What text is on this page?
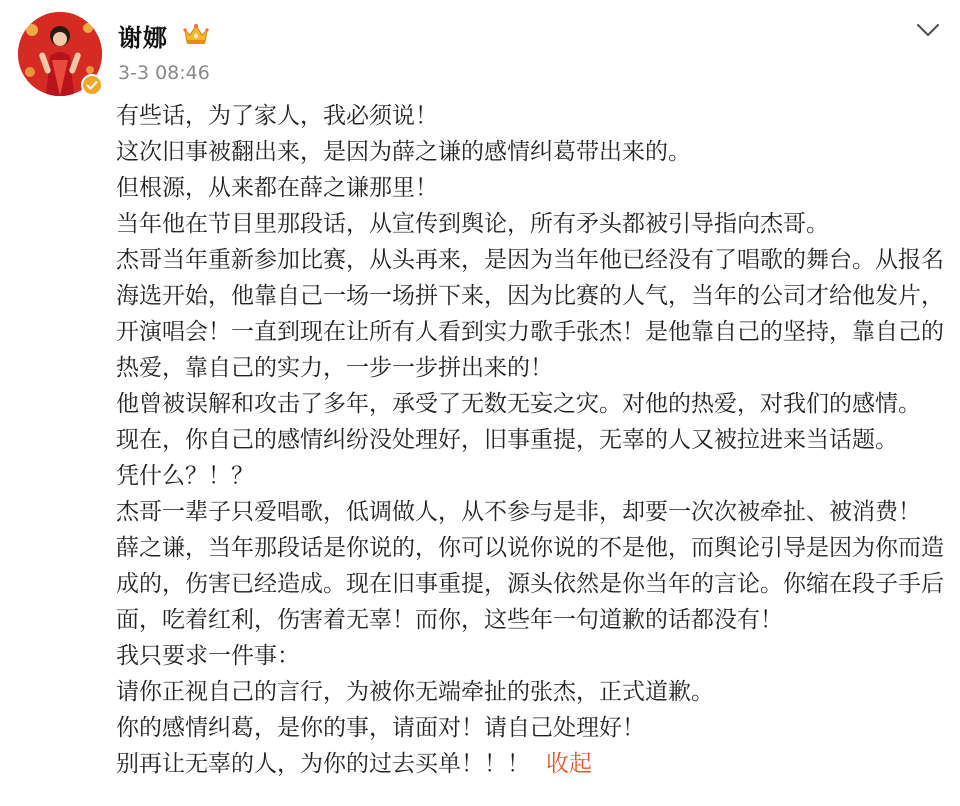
谢娜
3-3 08:46
有些话，为了家人，我必须说！
这次旧事被翻出来，是因为薛之谦的感情纠葛带出来的。
但根源，从来都在薛之谦那里！
当年他在节目里那段话，从宣传到舆论，所有矛头都被引导指向杰哥。
杰哥当年重新参加比赛，从头再来，是因为当年他已经没有了唱歌的舞台。从报名
海选开始，他靠自己一场一场拼下来，因为比赛的人气，当年的公司才给他发片，
开演唱会！一直到现在让所有人看到实力歌手张杰！是他靠自己的坚持，靠自己的
热爱，靠自己的实力，一步一步拼出来的！
他曾被误解和攻击了多年，承受了无数无妄之灾。对他的热爱，对我们的感情。
现在，你自己的感情纠纷没处理好，旧事重提，无辜的人又被拉进来当话题。
凭什么？！？
杰哥一辈子只爱唱歌，低调做人，从不参与是非，却要一次次被牵扯、被消费！
薛之谦，当年那段话是你说的，你可以说你说的不是他，而舆论引导是因为你而造
成的，伤害已经造成。现在旧事重提，源头依然是你当年的言论。你缩在段子手后
面，吃着红利，伤害着无辜！而你，这些年一句道歉的话都没有！
我只要求一件事：
请你正视自己的言行，为被你无端牵扯的张杰，正式道歉。
你的感情纠葛，是你的事，请面对！请自己处理好！
别再让无辜的人，为你的过去买单！！！ 收起
